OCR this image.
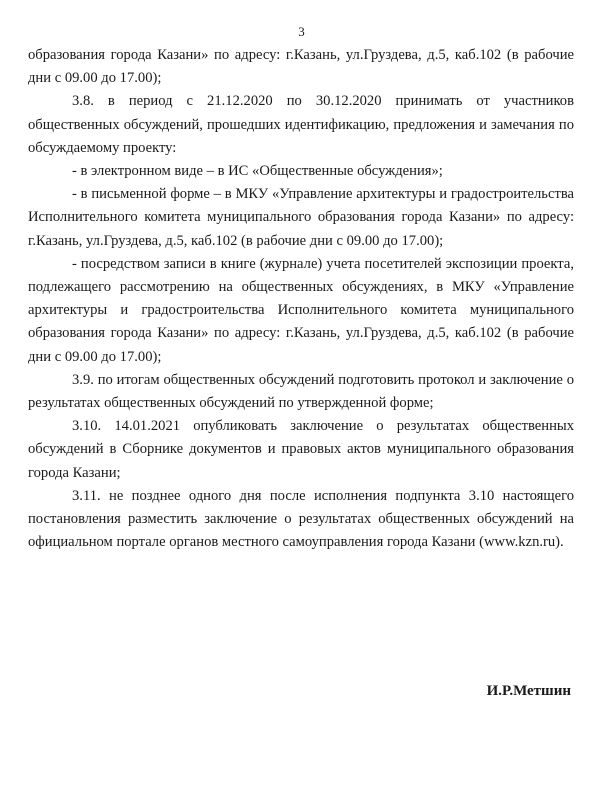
3

образования города Казани» по адресу: г.Казань, ул.Груздева, д.5, каб.102 (в рабочие дни с 09.00 до 17.00);

3.8. в период с 21.12.2020 по 30.12.2020 принимать от участников общественных обсуждений, прошедших идентификацию, предложения и замечания по обсуждаемому проекту:

- в электронном виде – в ИС «Общественные обсуждения»;

- в письменной форме – в МКУ «Управление архитектуры и градостроительства Исполнительного комитета муниципального образования города Казани» по адресу: г.Казань, ул.Груздева, д.5, каб.102 (в рабочие дни с 09.00 до 17.00);

- посредством записи в книге (журнале) учета посетителей экспозиции проекта, подлежащего рассмотрению на общественных обсуждениях, в МКУ «Управление архитектуры и градостроительства Исполнительного комитета муниципального образования города Казани» по адресу: г.Казань, ул.Груздева, д.5, каб.102 (в рабочие дни с 09.00 до 17.00);

3.9. по итогам общественных обсуждений подготовить протокол и заключение о результатах общественных обсуждений по утвержденной форме;

3.10. 14.01.2021 опубликовать заключение о результатах общественных обсуждений в Сборнике документов и правовых актов муниципального образования города Казани;

3.11. не позднее одного дня после исполнения подпункта 3.10 настоящего постановления разместить заключение о результатах общественных обсуждений на официальном портале органов местного самоуправления города Казани (www.kzn.ru).

И.Р.Метшин
